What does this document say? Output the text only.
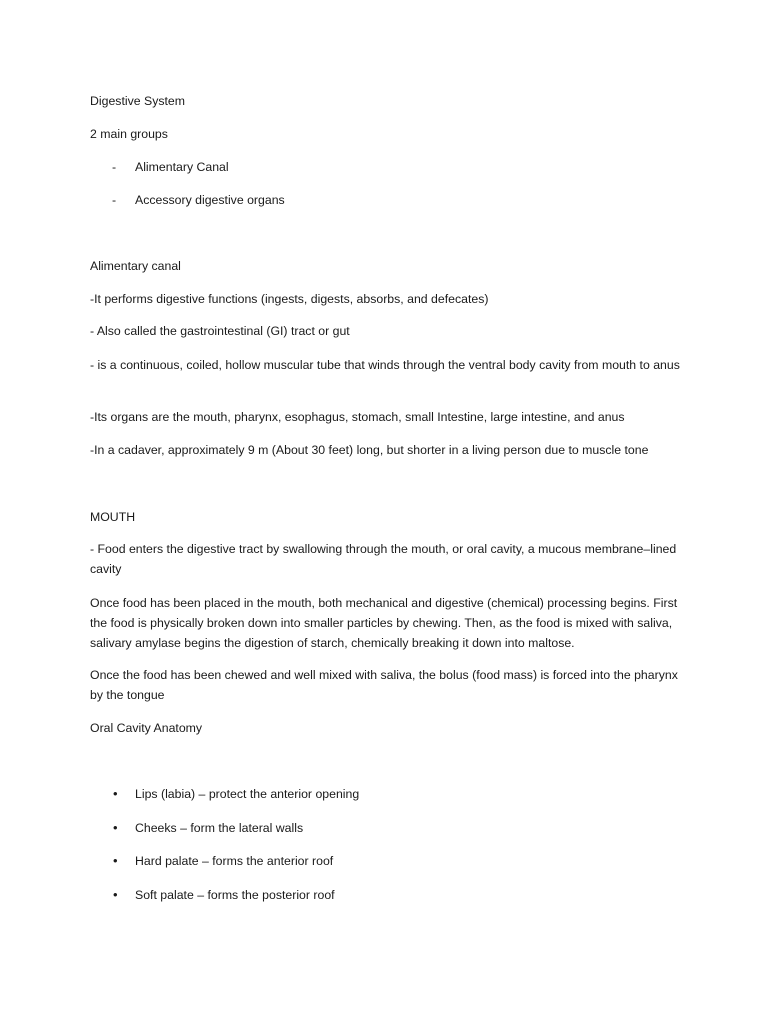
Digestive System

2 main groups

- Alimentary Canal

- Accessory digestive organs

Alimentary canal

-It performs digestive functions (ingests, digests, absorbs, and defecates)

- Also called the gastrointestinal (GI) tract or gut

- is a continuous, coiled, hollow muscular tube that winds through the ventral body cavity from mouth to anus

-Its organs are the mouth, pharynx, esophagus, stomach, small Intestine, large intestine, and anus

-In a cadaver, approximately 9 m (About 30 feet) long, but shorter in a living person due to muscle tone

MOUTH

- Food enters the digestive tract by swallowing through the mouth, or oral cavity, a mucous membrane–lined cavity

Once food has been placed in the mouth, both mechanical and digestive (chemical) processing begins. First the food is physically broken down into smaller particles by chewing. Then, as the food is mixed with saliva, salivary amylase begins the digestion of starch, chemically breaking it down into maltose.

Once the food has been chewed and well mixed with saliva, the bolus (food mass) is forced into the pharynx by the tongue

Oral Cavity Anatomy

• Lips (labia) – protect the anterior opening

• Cheeks – form the lateral walls

• Hard palate – forms the anterior roof

• Soft palate – forms the posterior roof
